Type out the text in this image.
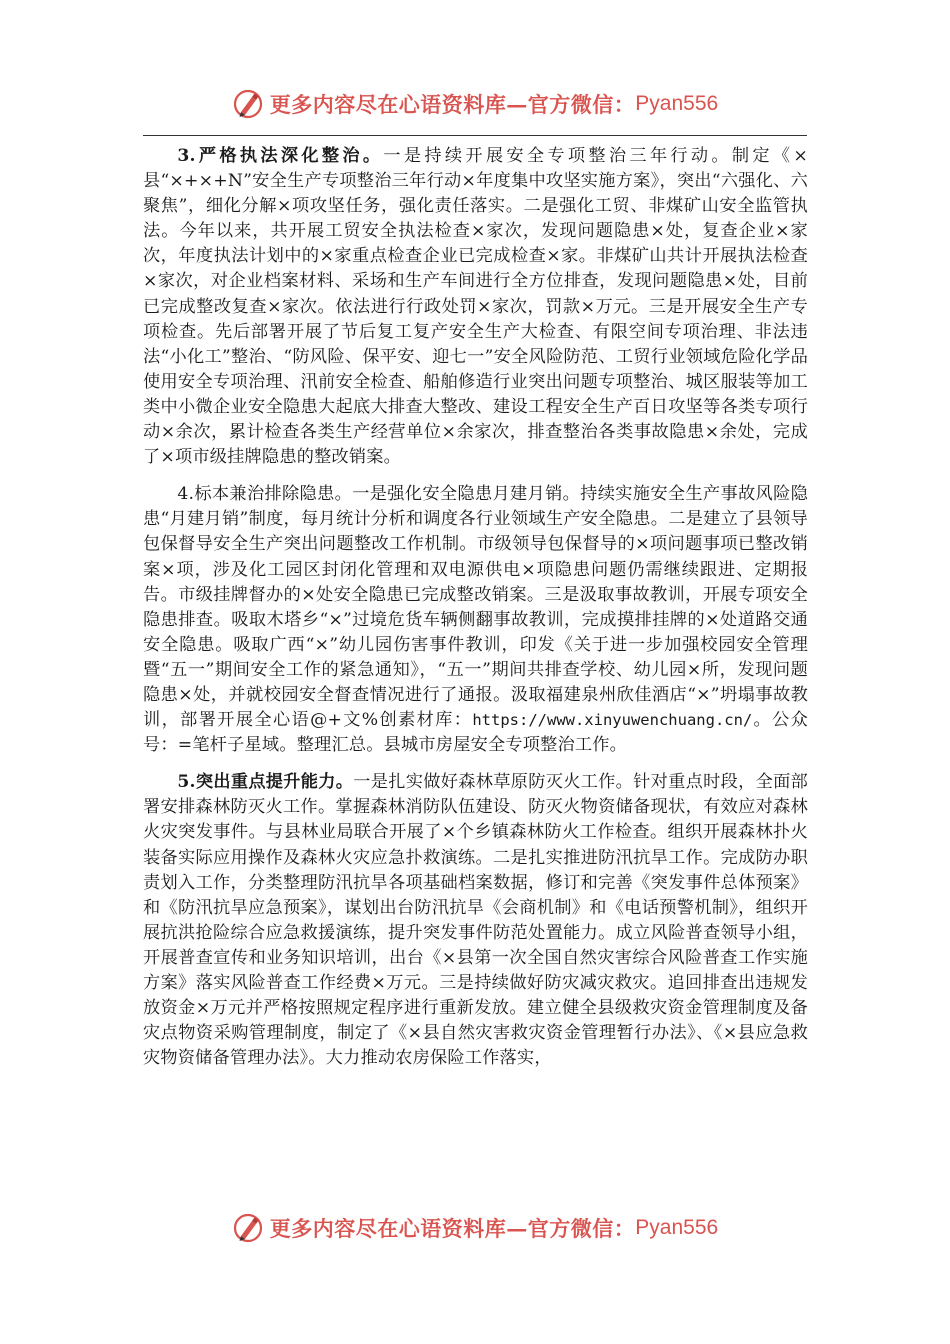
更多内容尽在心语资料库—官方微信： Pyan556

3.严格执法深化整治。一是持续开展安全专项整治三年行动。制定《×县“×+×+N”安全生产专项整治三年行动×年度集中攻坚实施方案》，突出“六强化、六聚焦”，细化分解×项攻坚任务，强化责任落实。二是强化工贸、非煤矿山安全监管执法。今年以来，共开展工贸安全执法检查×家次，发现问题隐患×处，复查企业×家次，年度执法计划中的×家重点检查企业已完成检查×家。非煤矿山共计开展执法检查×家次，对企业档案材料、采场和生产车间进行全方位排查，发现问题隐患×处，目前已完成整改复查×家次。依法进行行政处罚×家次，罚款×万元。三是开展安全生产专项检查。先后部署开展了节后复工复产安全生产大检查、有限空间专项治理、非法违法“小化工”整治、“防风险、保平安、迎七一”安全风险防范、工贸行业领域危险化学品使用安全专项治理、汛前安全检查、船舶修造行业突出问题专项整治、城区服装等加工类中小微企业安全隐患大起底大排查大整改、建设工程安全生产百日攻坚等各类专项行动×余次，累计检查各类生产经营单位×余家次，排查整治各类事故隐患×余处，完成了×项市级挂牌隐患的整改销案。

4.标本兼治排除隐患。一是强化安全隐患月建月销。持续实施安全生产事故风险隐患“月建月销”制度，每月统计分析和调度各行业领域生产安全隐患。二是建立了县领导包保督导安全生产突出问题整改工作机制。市级领导包保督导的×项问题事项已整改销案×项，涉及化工园区封闭化管理和双电源供电×项隐患问题仍需继续跟进、定期报告。市级挂牌督办的×处安全隐患已完成整改销案。三是汲取事故教训，开展专项安全隐患排查。吸取木塔乡“×”过境危货车辆侧翻事故教训，完成摸排挂牌的×处道路交通安全隐患。吸取广西“×”幼儿园伤害事件教训，印发《关于进一步加强校园安全管理暨“五一”期间安全工作的紧急通知》，“五一”期间共排查学校、幼儿园×所，发现问题隐患×处，并就校园安全督查情况进行了通报。汲取福建泉州欣佳酒店“×”坍塌事故教训，部署开展全心语@+文%创素材库：https://www.xinyuwenchuang.cn/。公众号：=笔杆子星域。整理汇总。县城市房屋安全专项整治工作。

5.突出重点提升能力。一是扎实做好森林草原防灭火工作。针对重点时段，全面部署安排森林防灭火工作。掌握森林消防队伍建设、防灭火物资储备现状，有效应对森林火灾突发事件。与县林业局联合开展了×个乡镇森林防火工作检查。组织开展森林扑火装备实际应用操作及森林火灾应急扑救演练。二是扎实推进防汛抗旱工作。完成防办职责划入工作，分类整理防汛抗旱各项基础档案数据，修订和完善《突发事件总体预案》和《防汛抗旱应急预案》，谋划出台防汛抗旱《会商机制》和《电话预警机制》，组织开展抗洪抢险综合应急救援演练，提升突发事件防范处置能力。成立风险普查领导小组，开展普查宣传和业务知识培训，出台《×县第一次全国自然灾害综合风险普查工作实施方案》落实风险普查工作经费×万元。三是持续做好防灾减灾救灾。追回排查出违规发放资金×万元并严格按照规定程序进行重新发放。建立健全县级救灾资金管理制度及备灾点物资采购管理制度，制定了《×县自然灾害救灾资金管理暂行办法》、《×县应急救灾物资储备管理办法》。大力推动农房保险工作落实，

更多内容尽在心语资料库—官方微信： Pyan556
